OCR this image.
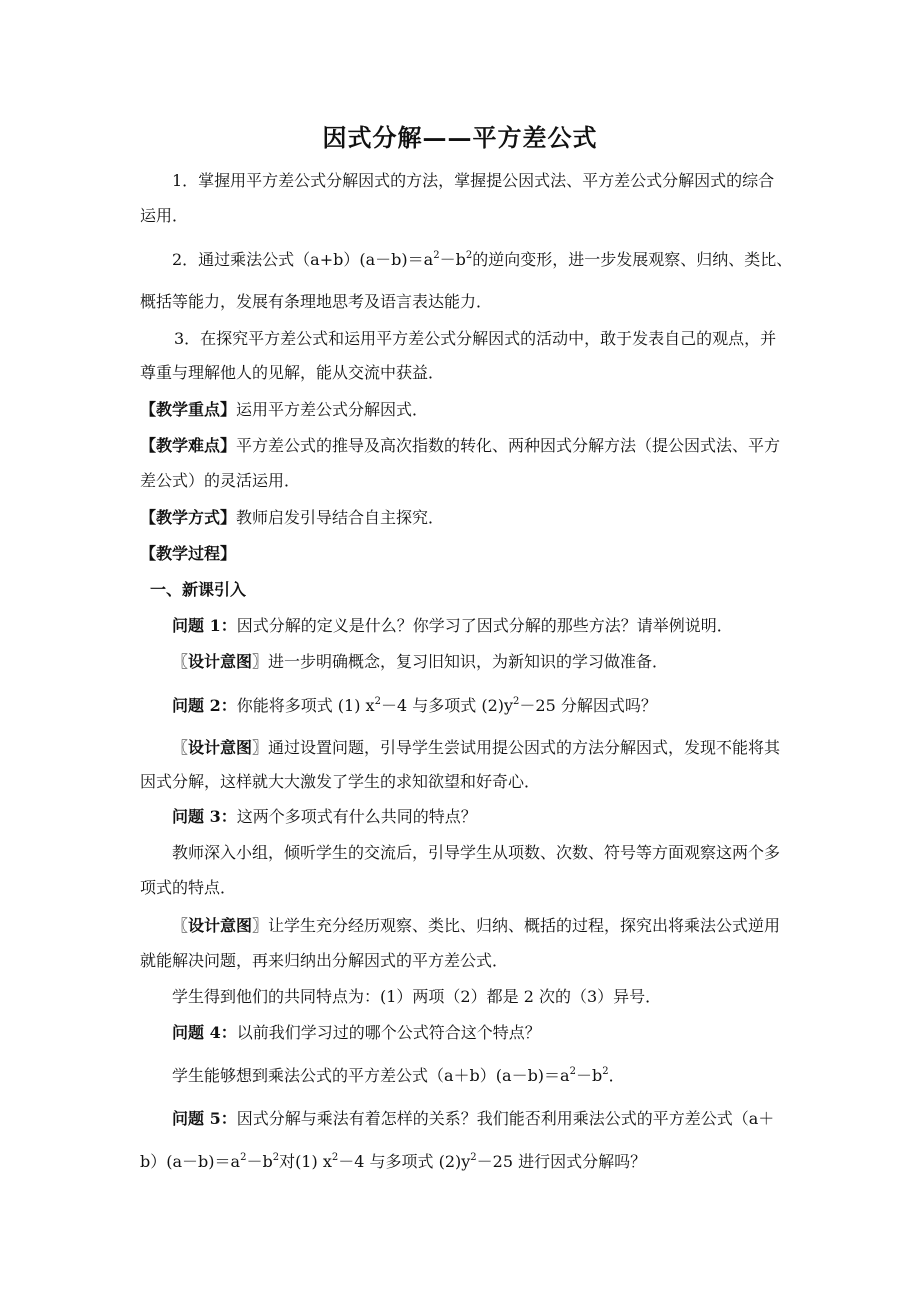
因式分解——平方差公式
1．掌握用平方差公式分解因式的方法，掌握提公因式法、平方差公式分解因式的综合
运用．
2．通过乘法公式$(a+b)(a-b)=a^2-b^2$的逆向变形，进一步发展观察、归纳、类比、
概括等能力，发展有条理地思考及语言表达能力．
3．在探究平方差公式和运用平方差公式分解因式的活动中，敢于发表自己的观点，并
尊重与理解他人的见解，能从交流中获益．
【教学重点】运用平方差公式分解因式．
【教学难点】平方差公式的推导及高次指数的转化、两种因式分解方法（提公因式法、平方
差公式）的灵活运用．
【教学方式】教师启发引导结合自主探究．
【教学过程】
一、新课引入
问题 1：因式分解的定义是什么？你学习了因式分解的那些方法？请举例说明．
〖设计意图〗进一步明确概念，复习旧知识，为新知识的学习做准备．
问题 2：你能将多项式 (1) $x^2-4$ 与多项式 $(2)y^2-25$ 分解因式吗？
〖设计意图〗通过设置问题，引导学生尝试用提公因式的方法分解因式，发现不能将其
因式分解，这样就大大激发了学生的求知欲望和好奇心．
问题 3：这两个多项式有什么共同的特点？
教师深入小组，倾听学生的交流后，引导学生从项数、次数、符号等方面观察这两个多
项式的特点．
〖设计意图〗让学生充分经历观察、类比、归纳、概括的过程，探究出将乘法公式逆用
就能解决问题，再来归纳出分解因式的平方差公式．
学生得到他们的共同特点为：(1）两项（2）都是 2 次的（3）异号．
问题 4：以前我们学习过的哪个公式符合这个特点？
学生能够想到乘法公式的平方差公式$(a+b)(a-b)=a^2-b^2$．
问题 5：因式分解与乘法有着怎样的关系？我们能否利用乘法公式的平方差公式（a＋
$b)(a-b)=a^2-b^2$对(1) $x^2-4$ 与多项式 $(2)y^2-25$ 进行因式分解吗？
